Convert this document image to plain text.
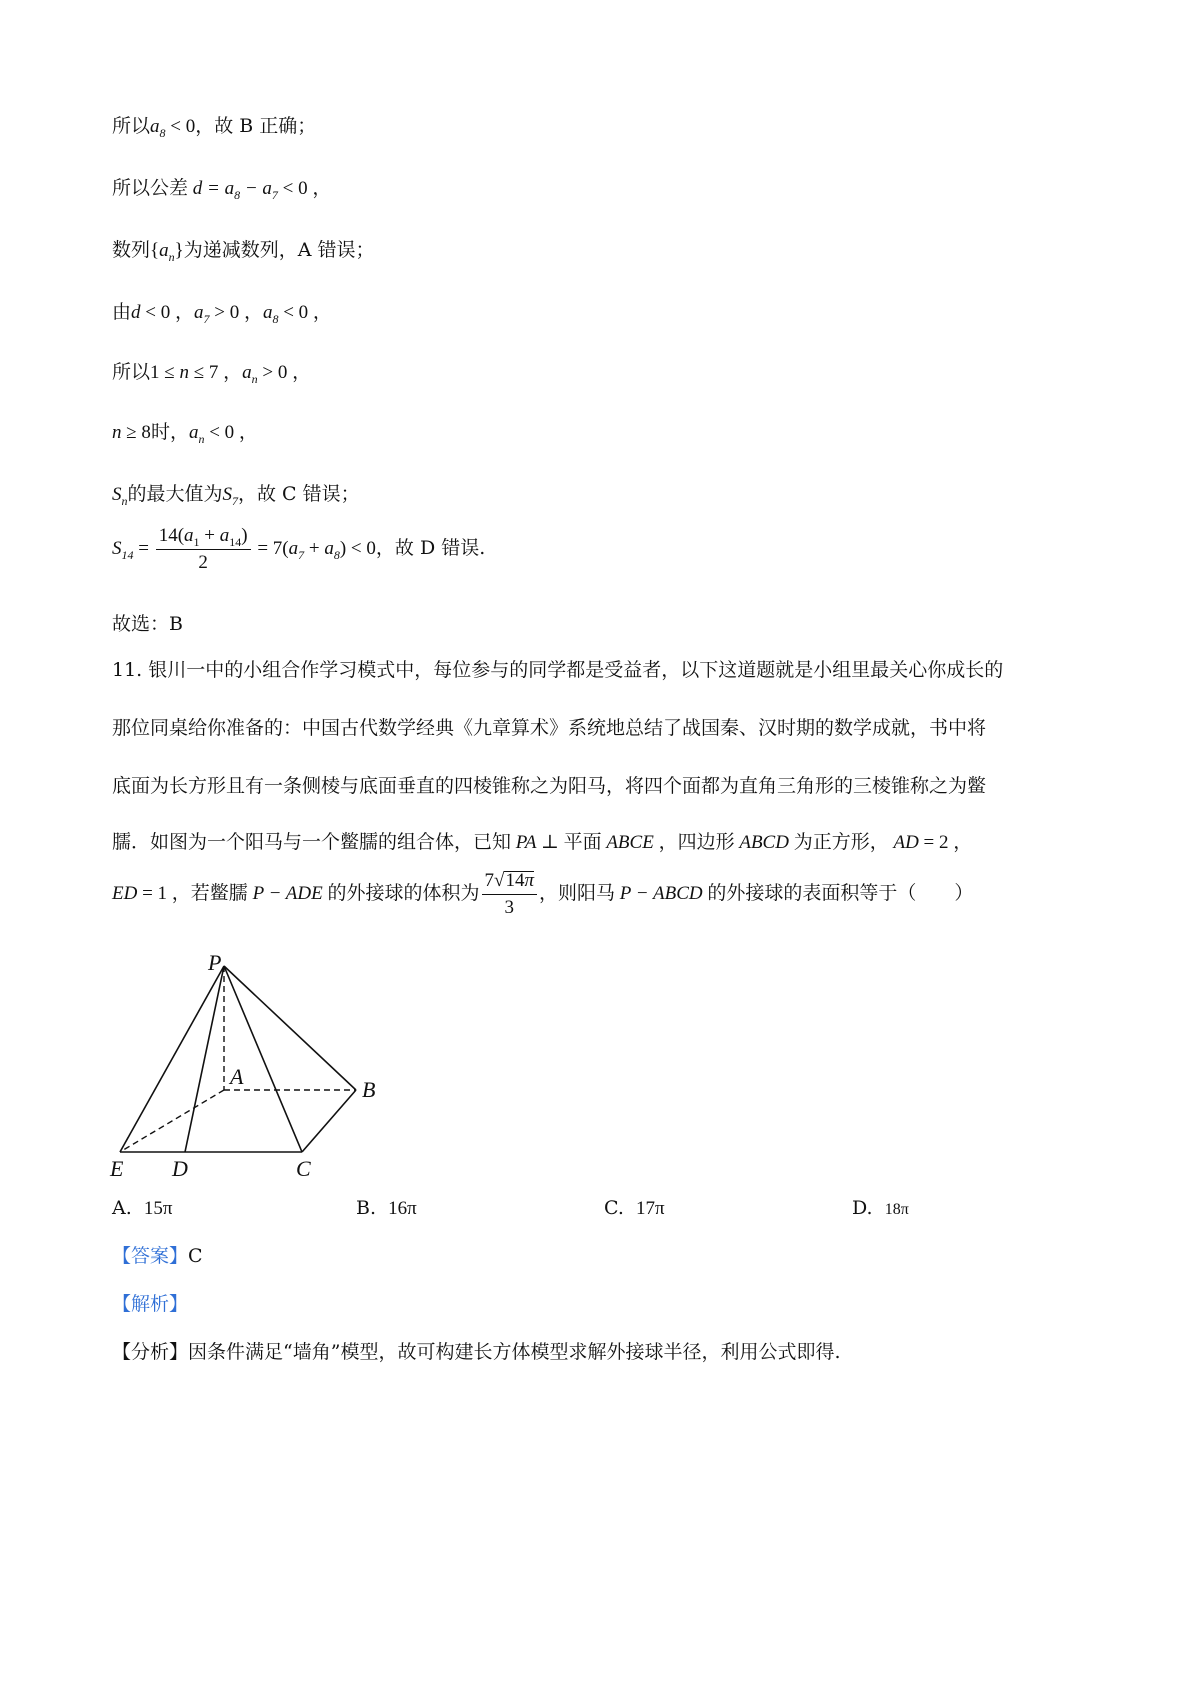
所以$a_8 < 0$，故 B 正确；
所以公差 $d = a_8 - a_7 < 0$ ，
数列$\{a_n\}$为递减数列，A 错误；
由d < 0 ，$a_7 > 0$ ，$a_8 < 0$ ，
所以1 ≤ n ≤ 7 ，$a_n > 0$ ，
n ≥ 8时，$a_n < 0$ ，
$S_n$的最大值为$S_7$，故 C 错误；
$S_{14} = \frac{14(a_1 + a_{14})}{2} = 7(a_7 + a_8) < 0$，故 D 错误.
故选：B
11. 银川一中的小组合作学习模式中，每位参与的同学都是受益者，以下这道题就是小组里最关心你成长的
那位同桌给你准备的：中国古代数学经典《九章算术》系统地总结了战国秦、汉时期的数学成就，书中将
底面为长方形且有一条侧棱与底面垂直的四棱锥称之为阳马，将四个面都为直角三角形的三棱锥称之为鳖
臑．如图为一个阳马与一个鳖臑的组合体，已知 PA ⊥ 平面 ABCE ，四边形 ABCD 为正方形， AD = 2 ，
ED = 1 ，若鳖臑 P − ADE 的外接球的体积为 $\frac{7√14\pi}{3}$ ，则阳马 P − ABCD 的外接球的表面积等于（　　）
P
A
B
E D	C
A. 15π	B. 16π	C. 17π	D. 18π
【答案】C
【解析】
【分析】因条件满足“墙角”模型，故可构建长方体模型求解外接球半径，利用公式即得.
